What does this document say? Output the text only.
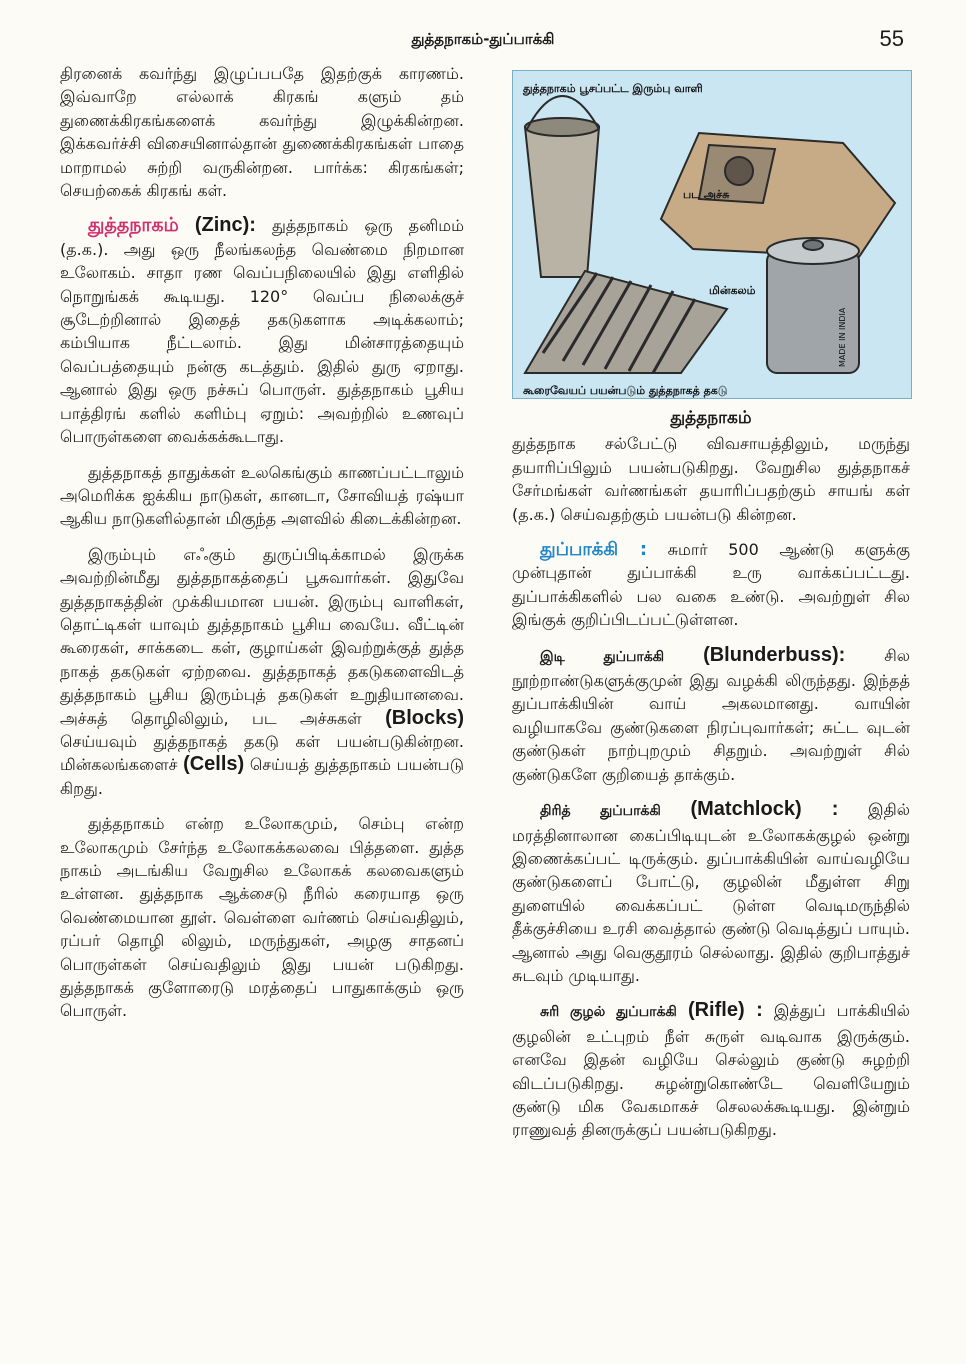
துத்தநாகம்-துப்பாக்கி	55

திரனைக் கவர்ந்து இழுப்பபதே இதற்குக் காரணம். இவ்வாறே எல்லாக் கிரகங் களும் தம் துணைக்கிரகங்களைக் கவர்ந்து இழுக்கின்றன. இக்கவர்ச்சி விசையினால்தான் துணைக்கிரகங்கள் பாதை மாறாமல் சுற்றி வருகின்றன. பார்க்க: கிரகங்கள்; செயற்கைக் கிரகங் கள்.

துத்தநாகம் (Zinc): துத்தநாகம் ஒரு தனிமம் (த.க.). அது ஒரு நீலங்கலந்த வெண்மை நிறமான உலோகம். சாதா ரண வெப்பநிலையில் இது எளிதில் நொறுங்கக் கூடியது. 120° வெப்ப நிலைக்குச் சூடேற்றினால் இதைத் தகடுகளாக அடிக்கலாம்; கம்பியாக நீட்டலாம். இது மின்சாரத்தையும் வெப்பத்தையும் நன்கு கடத்தும். இதில் துரு ஏறாது. ஆனால் இது ஒரு நச்சுப் பொருள். துத்தநாகம் பூசிய பாத்திரங் களில் களிம்பு ஏறும்: அவற்றில் உணவுப் பொருள்களை வைக்கக்கூடாது.

துத்தநாகத் தாதுக்கள் உலகெங்கும் காணப்பட்டாலும் அமெரிக்க ஐக்கிய நாடுகள், கானடா, சோவியத் ரஷ்யா ஆகிய நாடுகளில்தான் மிகுந்த அளவில் கிடைக்கின்றன.

இரும்பும் எஃகும் துருப்பிடிக்காமல் இருக்க அவற்றின்மீது துத்தநாகத்தைப் பூசுவார்கள். இதுவே துத்தநாகத்தின் முக்கியமான பயன். இரும்பு வாளிகள், தொட்டிகள் யாவும் துத்தநாகம் பூசிய வையே. வீட்டின் கூரைகள், சாக்கடை கள், குழாய்கள் இவற்றுக்குத் துத்த நாகத் தகடுகள் ஏற்றவை. துத்தநாகத் தகடுகளைவிடத் துத்தநாகம் பூசிய இரும்புத் தகடுகள் உறுதியானவை. அச்சுத் தொழிலிலும், பட அச்சுகள் (Blocks) செய்யவும் துத்தநாகத் தகடு கள் பயன்படுகின்றன. மின்கலங்களைச் (Cells) செய்யத் துத்தநாகம் பயன்படு கிறது.

துத்தநாகம் என்ற உலோகமும், செம்பு என்ற உலோகமும் சேர்ந்த உலோகக்கலவை பித்தளை. துத்த நாகம் அடங்கிய வேறுசில உலோகக் கலவைகளும் உள்ளன. துத்தநாக ஆக்சைடு நீரில் கரையாத ஒரு வெண்மையான தூள். வெள்ளை வர்ணம் செய்வதிலும், ரப்பர் தொழி லிலும், மருந்துகள், அழகு சாதனப் பொருள்கள் செய்வதிலும் இது பயன் படுகிறது. துத்தநாகக் குளோரைடு மரத்தைப் பாதுகாக்கும் ஒரு பொருள்.

துத்தநாகம் பூசப்பட்ட இரும்பு வாளி
பட அச்சு
மின்கலம்
MADE IN INDIA
கூரைவேயப் பயன்படும் துத்தநாகத் தகடு
துத்தநாகம்

துத்தநாக சல்பேட்டு விவசாயத்திலும், மருந்து தயாரிப்பிலும் பயன்படுகிறது. வேறுசில துத்தநாகச் சேர்மங்கள் வர்ணங்கள் தயாரிப்பதற்கும் சாயங் கள் (த.க.) செய்வதற்கும் பயன்படு கின்றன.

துப்பாக்கி : சுமார் 500 ஆண்டு களுக்கு முன்புதான் துப்பாக்கி உரு வாக்கப்பட்டது. துப்பாக்கிகளில் பல வகை உண்டு. அவற்றுள் சில இங்குக் குறிப்பிடப்பட்டுள்ளன.

இடி துப்பாக்கி (Blunderbuss): சில நூற்றாண்டுகளுக்குமுன் இது வழக்கி லிருந்தது. இந்தத் துப்பாக்கியின் வாய் அகலமானது. வாயின் வழியாகவே குண்டுகளை நிரப்புவார்கள்; சுட்ட வுடன் குண்டுகள் நாற்புறமும் சிதறும். அவற்றுள் சில் குண்டுகளே குறியைத் தாக்கும்.

திரித் துப்பாக்கி (Matchlock) : இதில் மரத்தினாலான கைப்பிடியுடன் உலோகக்குழல் ஒன்று இணைக்கப்பட் டிருக்கும். துப்பாக்கியின் வாய்வழியே குண்டுகளைப் போட்டு, குழலின் மீதுள்ள சிறு துளையில் வைக்கப்பட் டுள்ள வெடிமருந்தில் தீக்குச்சியை உரசி வைத்தால் குண்டு வெடித்துப் பாயும். ஆனால் அது வெகுதூரம் செல்லாது. இதில் குறிபாத்துச் சுடவும் முடியாது.

சுரி குழல் துப்பாக்கி (Rifle) : இத்துப் பாக்கியில் குழலின் உட்புறம் நீள் சுருள் வடிவாக இருக்கும். எனவே இதன் வழியே செல்லும் குண்டு சுழற்றி விடப்படுகிறது. சுழன்றுகொண்டே வெளியேறும் குண்டு மிக வேகமாகச் செலலக்கூடியது. இன்றும் ராணுவத் தினருக்குப் பயன்படுகிறது.
